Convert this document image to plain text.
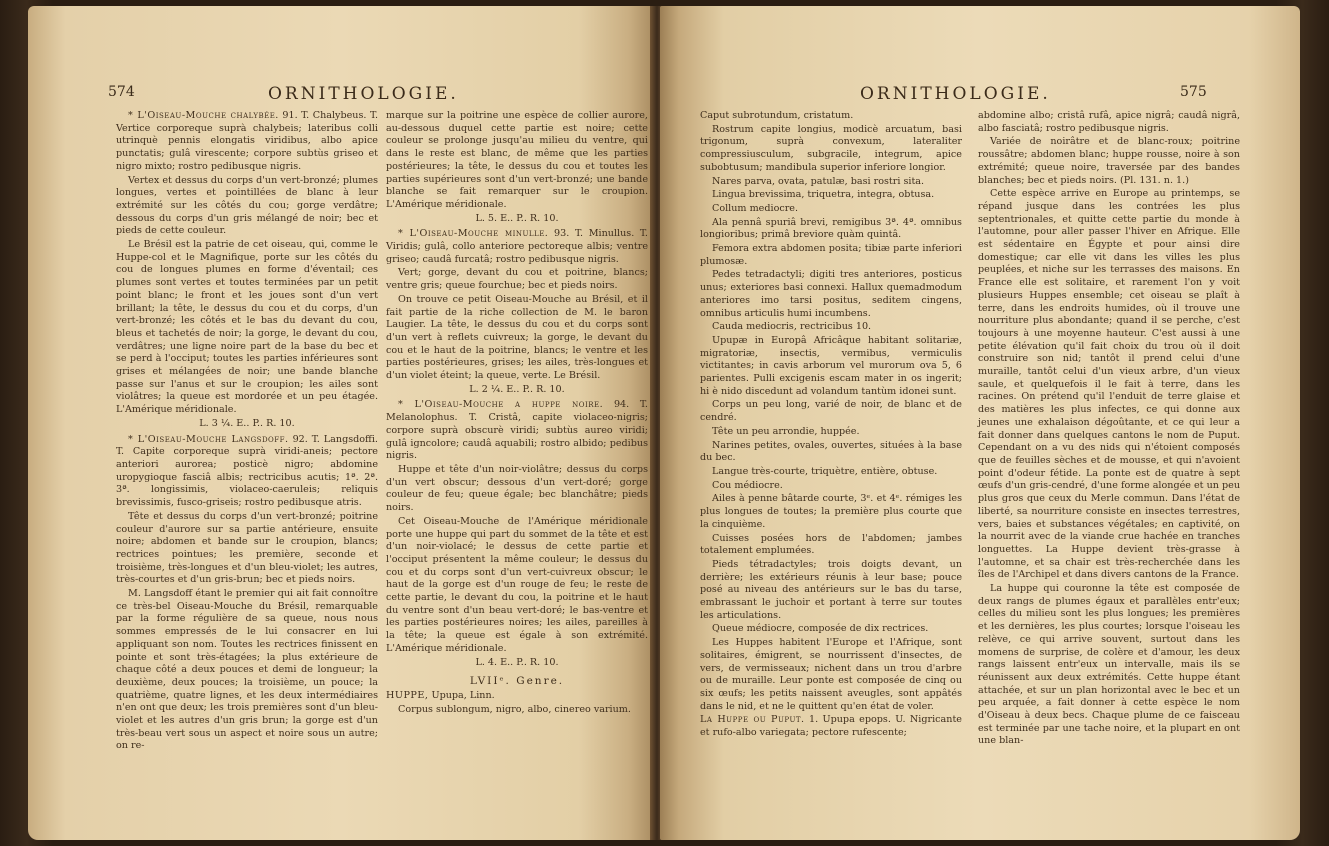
574	ORNITHOLOGIE.

* L'Oiseau-Mouche chalybée. 91. T. Chalybeus. T. Vertice corporeque suprà chalybeis; lateribus colli utrinquè pennis elongatis viridibus, albo apice punctatis; gulâ virescente; corpore subtùs griseo et nigro mixto; rostro pedibusque nigris.

Vertex et dessus du corps d'un vert-bronzé; plumes longues, vertes et pointillées de blanc à leur extrémité sur les côtés du cou; gorge verdâtre; dessous du corps d'un gris mélangé de noir; bec et pieds de cette couleur.

Le Brésil est la patrie de cet oiseau, qui, comme le Huppe-col et le Magnifique, porte sur les côtés du cou de longues plumes en forme d'éventail; ces plumes sont vertes et toutes terminées par un petit point blanc; le front et les joues sont d'un vert brillant; la tête, le dessus du cou et du corps, d'un vert-bronzé; les côtés et le bas du devant du cou, bleus et tachetés de noir; la gorge, le devant du cou, verdâtres; une ligne noire part de la base du bec et se perd à l'occiput; toutes les parties inférieures sont grises et mélangées de noir; une bande blanche passe sur l'anus et sur le croupion; les ailes sont violâtres; la queue est mordorée et un peu étagée. L'Amérique méridionale.

L. 3 ¼. E.. P.. R. 10.

* L'Oiseau-Mouche Langsdoff. 92. T. Langsdoffi. T. Capite corporeque suprà viridi-aneis; pectore anteriori aurorea; posticè nigro; abdomine uropygioque fasciâ albis; rectricibus acutis; 1ª. 2ª. 3ª. longissimis, violaceo-caeruleis; reliquis brevissimis, fusco-griseis; rostro pedibusque atris.

Tête et dessus du corps d'un vert-bronzé; poitrine couleur d'aurore sur sa partie antérieure, ensuite noire; abdomen et bande sur le croupion, blancs; rectrices pointues; les première, seconde et troisième, très-longues et d'un bleu-violet; les autres, très-courtes et d'un gris-brun; bec et pieds noirs.

M. Langsdoff étant le premier qui ait fait connoître ce très-bel Oiseau-Mouche du Brésil, remarquable par la forme régulière de sa queue, nous nous sommes empressés de le lui consacrer en lui appliquant son nom. Toutes les rectrices finissent en pointe et sont très-étagées; la plus extérieure de chaque côté a deux pouces et demi de longueur; la deuxième, deux pouces; la troisième, un pouce; la quatrième, quatre lignes, et les deux intermédiaires n'en ont que deux; les trois premières sont d'un bleu-violet et les autres d'un gris brun; la gorge est d'un très-beau vert sous un aspect et noire sous un autre; on re-

marque sur la poitrine une espèce de collier aurore, au-dessous duquel cette partie est noire; cette couleur se prolonge jusqu'au milieu du ventre, qui dans le reste est blanc, de même que les parties postérieures; la tête, le dessus du cou et toutes les parties supérieures sont d'un vert-bronzé; une bande blanche se fait remarquer sur le croupion. L'Amérique méridionale.

L. 5. E.. P.. R. 10.

* L'Oiseau-Mouche minulle. 93. T. Minullus. T. Viridis; gulâ, collo anteriore pectoreque albis; ventre griseo; caudâ furcatâ; rostro pedibusque nigris.

Vert; gorge, devant du cou et poitrine, blancs; ventre gris; queue fourchue; bec et pieds noirs.

On trouve ce petit Oiseau-Mouche au Brésil, et il fait partie de la riche collection de M. le baron Laugier. La tête, le dessus du cou et du corps sont d'un vert à reflets cuivreux; la gorge, le devant du cou et le haut de la poitrine, blancs; le ventre et les parties postérieures, grises; les ailes, très-longues et d'un violet éteint; la queue, verte. Le Brésil.

L. 2 ¼. E.. P.. R. 10.

* L'Oiseau-Mouche a huppe noire. 94. T. Melanolophus. T. Cristâ, capite violaceo-nigris; corpore suprà obscurè viridi; subtùs aureo viridi; gulâ igncolore; caudâ aquabili; rostro albido; pedibus nigris.

Huppe et tête d'un noir-violâtre; dessus du corps d'un vert obscur; dessous d'un vert-doré; gorge couleur de feu; queue égale; bec blanchâtre; pieds noirs.

Cet Oiseau-Mouche de l'Amérique méridionale porte une huppe qui part du sommet de la tête et est d'un noir-violacé; le dessus de cette partie et l'occiput présentent la même couleur; le dessus du cou et du corps sont d'un vert-cuivreux obscur; le haut de la gorge est d'un rouge de feu; le reste de cette partie, le devant du cou, la poitrine et le haut du ventre sont d'un beau vert-doré; le bas-ventre et les parties postérieures noires; les ailes, pareilles à la tête; la queue est égale à son extrémité. L'Amérique méridionale.

L. 4. E.. P.. R. 10.

LVIIᵉ. Genre.

HUPPE, Upupa, Linn.

Corpus sublongum, nigro, albo, cinereo varium.

ORNITHOLOGIE.	575

Caput subrotundum, cristatum.

Rostrum capite longius, modicè arcuatum, basi trigonum, suprà convexum, lateraliter compressiusculum, subgracile, integrum, apice subobtusum; mandibula superior inferiore longior.

Nares parva, ovata, patulæ, basi rostri sita.

Lingua brevissima, triquetra, integra, obtusa.

Collum mediocre.

Ala pennâ spuriâ brevi, remigibus 3ª. 4ª. omnibus longioribus; primâ breviore quàm quintâ.

Femora extra abdomen posita; tibiæ parte inferiori plumosæ.

Pedes tetradactyli; digiti tres anteriores, posticus unus; exteriores basi connexi. Hallux quemadmodum anteriores imo tarsi positus, seditem cingens, omnibus articulis humi incumbens.

Cauda mediocris, rectricibus 10.

Upupæ in Europâ Africâque habitant solitariæ, migratoriæ, insectis, vermibus, vermiculis victitantes; in cavis arborum vel murorum ova 5, 6 parientes. Pulli excigenis escam mater in os ingerit; hi è nido discedunt ad volandum tantùm idonei sunt.

Corps un peu long, varié de noir, de blanc et de cendré.

Tête un peu arrondie, huppée.

Narines petites, ovales, ouvertes, situées à la base du bec.

Langue très-courte, triquètre, entière, obtuse.

Cou médiocre.

Ailes à penne bâtarde courte, 3ᵉ. et 4ᵉ. rémiges les plus longues de toutes; la première plus courte que la cinquième.

Cuisses posées hors de l'abdomen; jambes totalement emplumées.

Pieds tétradactyles; trois doigts devant, un derrière; les extérieurs réunis à leur base; pouce posé au niveau des antérieurs sur le bas du tarse, embrassant le juchoir et portant à terre sur toutes les articulations.

Queue médiocre, composée de dix rectrices.

Les Huppes habitent l'Europe et l'Afrique, sont solitaires, émigrent, se nourrissent d'insectes, de vers, de vermisseaux; nichent dans un trou d'arbre ou de muraille. Leur ponte est composée de cinq ou six œufs; les petits naissent aveugles, sont appâtés dans le nid, et ne le quittent qu'en état de voler.

La Huppe ou Puput. 1. Upupa epops. U. Nigricante et rufo-albo variegata; pectore rufescente;

abdomine albo; cristâ rufâ, apice nigrâ; caudâ nigrâ, albo fasciatâ; rostro pedibusque nigris.

Variée de noirâtre et de blanc-roux; poitrine roussâtre; abdomen blanc; huppe rousse, noire à son extrémité; queue noire, traversée par des bandes blanches; bec et pieds noirs. (Pl. 131. n. 1.)

Cette espèce arrive en Europe au printemps, se répand jusque dans les contrées les plus septentrionales, et quitte cette partie du monde à l'automne, pour aller passer l'hiver en Afrique. Elle est sédentaire en Égypte et pour ainsi dire domestique; car elle vit dans les villes les plus peuplées, et niche sur les terrasses des maisons. En France elle est solitaire, et rarement l'on y voit plusieurs Huppes ensemble; cet oiseau se plaît à terre, dans les endroits humides, où il trouve une nourriture plus abondante; quand il se perche, c'est toujours à une moyenne hauteur. C'est aussi à une petite élévation qu'il fait choix du trou où il doit construire son nid; tantôt il prend celui d'une muraille, tantôt celui d'un vieux arbre, d'un vieux saule, et quelquefois il le fait à terre, dans les racines. On prétend qu'il l'enduit de terre glaise et des matières les plus infectes, ce qui donne aux jeunes une exhalaison dégoûtante, et ce qui leur a fait donner dans quelques cantons le nom de Puput. Cependant on a vu des nids qui n'étoient composés que de feuilles sèches et de mousse, et qui n'avoient point d'odeur fétide. La ponte est de quatre à sept œufs d'un gris-cendré, d'une forme alongée et un peu plus gros que ceux du Merle commun. Dans l'état de liberté, sa nourriture consiste en insectes terrestres, vers, baies et substances végétales; en captivité, on la nourrit avec de la viande crue hachée en tranches longuettes. La Huppe devient très-grasse à l'automne, et sa chair est très-recherchée dans les îles de l'Archipel et dans divers cantons de la France.

La huppe qui couronne la tête est composée de deux rangs de plumes égaux et parallèles entr'eux; celles du milieu sont les plus longues; les premières et les dernières, les plus courtes; lorsque l'oiseau les relève, ce qui arrive souvent, surtout dans les momens de surprise, de colère et d'amour, les deux rangs laissent entr'eux un intervalle, mais ils se réunissent aux deux extrémités. Cette huppe étant attachée, et sur un plan horizontal avec le bec et un peu arquée, a fait donner à cette espèce le nom d'Oiseau à deux becs. Chaque plume de ce faisceau est terminée par une tache noire, et la plupart en ont une blan-
